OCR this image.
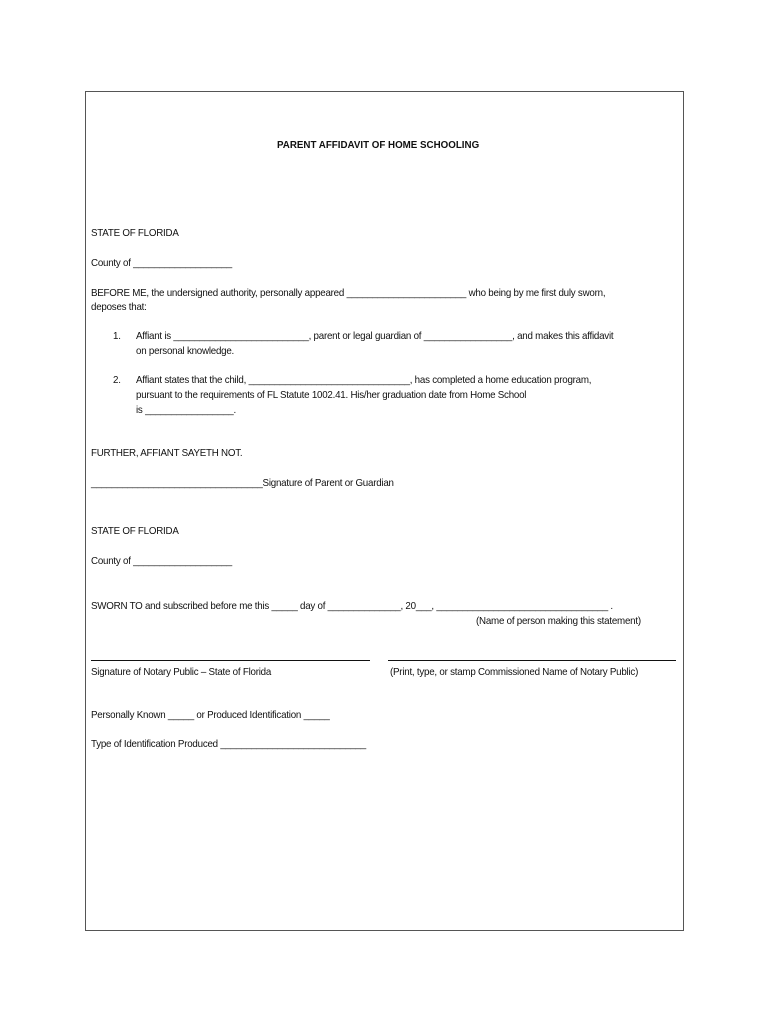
PARENT AFFIDAVIT OF HOME SCHOOLING
STATE OF FLORIDA
County of ___________________
BEFORE ME, the undersigned authority, personally appeared _______________________ who being by me first duly sworn,
deposes that:
1. Affiant is __________________________, parent or legal guardian of _________________, and makes this affidavit
on personal knowledge.
2. Affiant states that the child, _______________________________, has completed a home education program,
pursuant to the requirements of FL Statute 1002.41. His/her graduation date from Home School
is _________________.
FURTHER, AFFIANT SAYETH NOT.
_________________________________Signature of Parent or Guardian
STATE OF FLORIDA
County of ___________________
SWORN TO and subscribed before me this _____ day of ______________, 20___, _________________________________ .
(Name of person making this statement)
Signature of Notary Public – State of Florida	(Print, type, or stamp Commissioned Name of Notary Public)
Personally Known _____ or Produced Identification _____
Type of Identification Produced ____________________________
